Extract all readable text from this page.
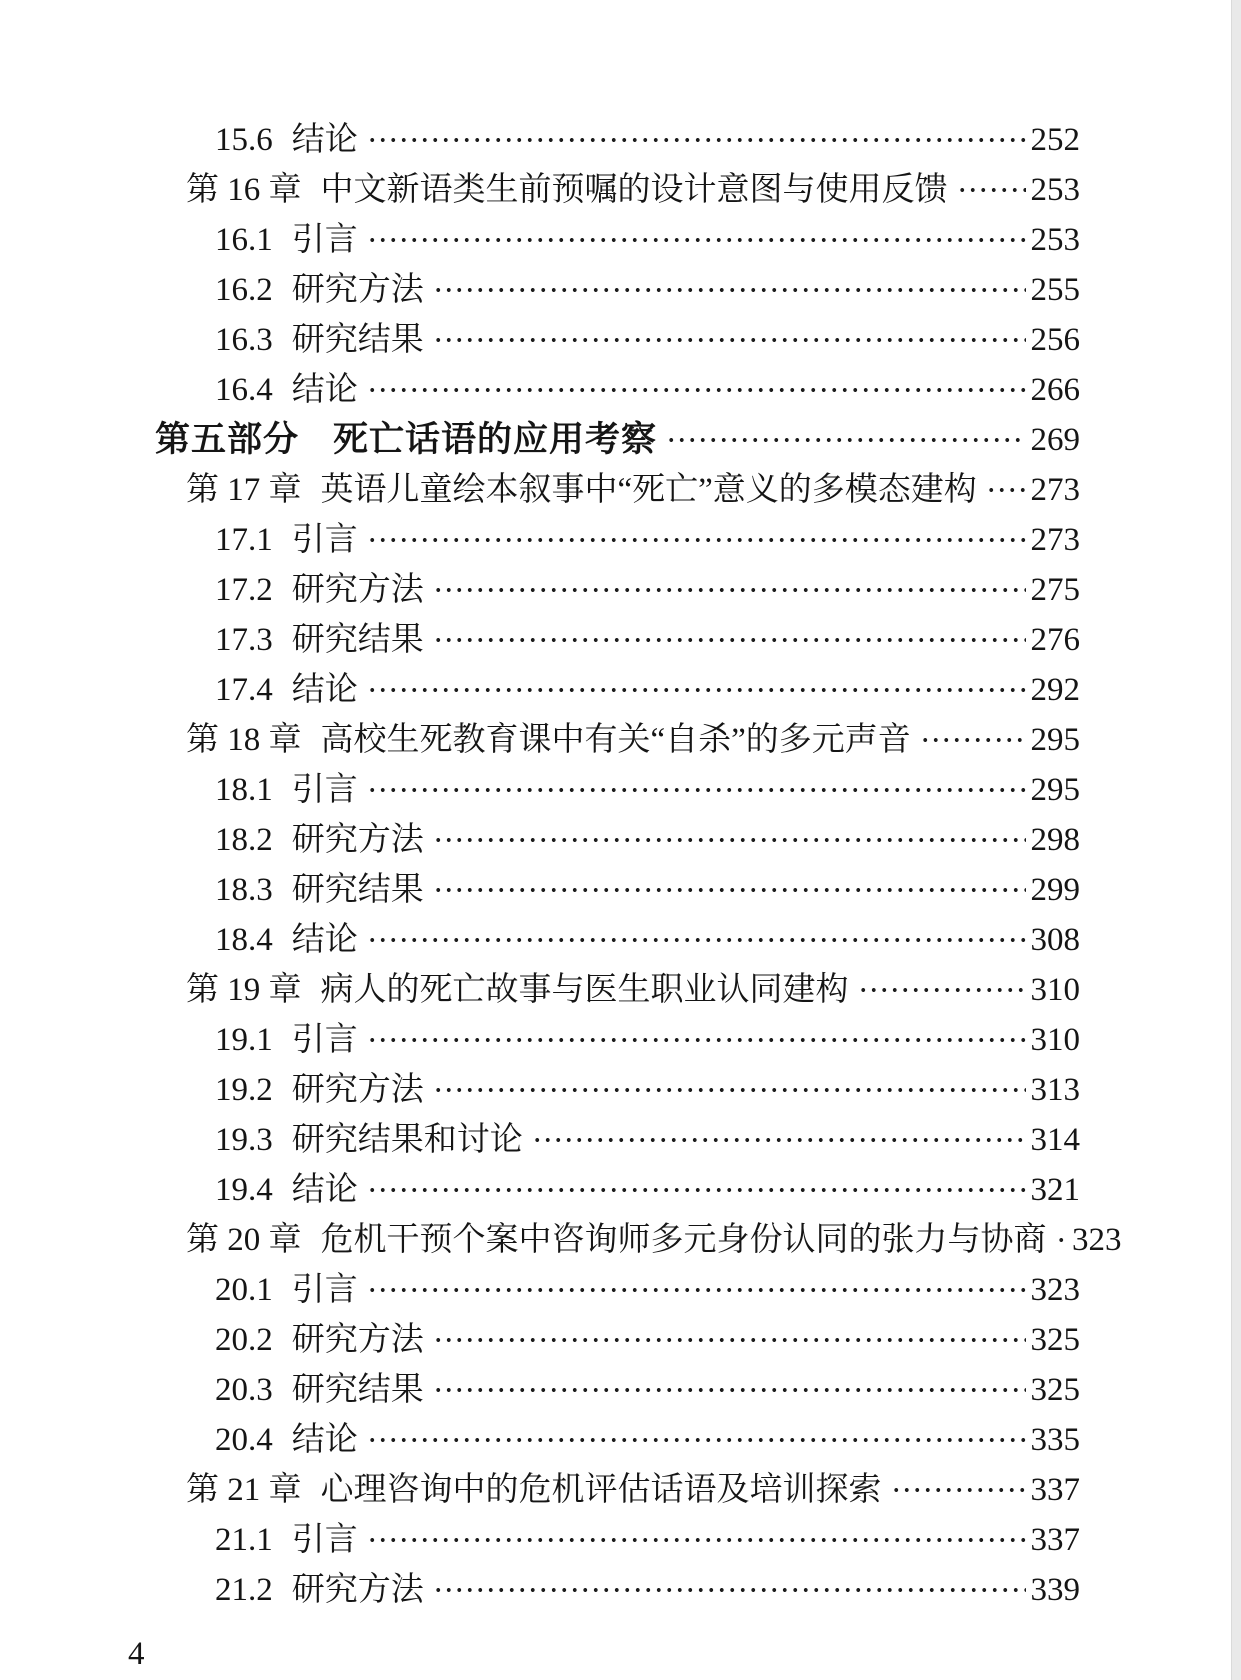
15.6 结论	252
第 16 章 中文新语类生前预嘱的设计意图与使用反馈	253
16.1 引言	253
16.2 研究方法	255
16.3 研究结果	256
16.4 结论	266
第五部分 死亡话语的应用考察	269
第 17 章 英语儿童绘本叙事中“死亡”意义的多模态建构 273
17.1 引言	273
17.2 研究方法	275
17.3 研究结果	276
17.4 结论	292
第 18 章 高校生死教育课中有关“自杀”的多元声音	295
18.1 引言	295
18.2 研究方法	298
18.3 研究结果	299
18.4 结论	308
第 19 章 病人的死亡故事与医生职业认同建构	310
19.1 引言	310
19.2 研究方法	313
19.3 研究结果和讨论	314
19.4 结论	321
第 20 章 危机干预个案中咨询师多元身份认同的张力与协商 323
20.1 引言	323
20.2 研究方法	325
20.3 研究结果	325
20.4 结论	335
第 21 章 心理咨询中的危机评估话语及培训探索	337
21.1 引言	337
21.2 研究方法	339
4
